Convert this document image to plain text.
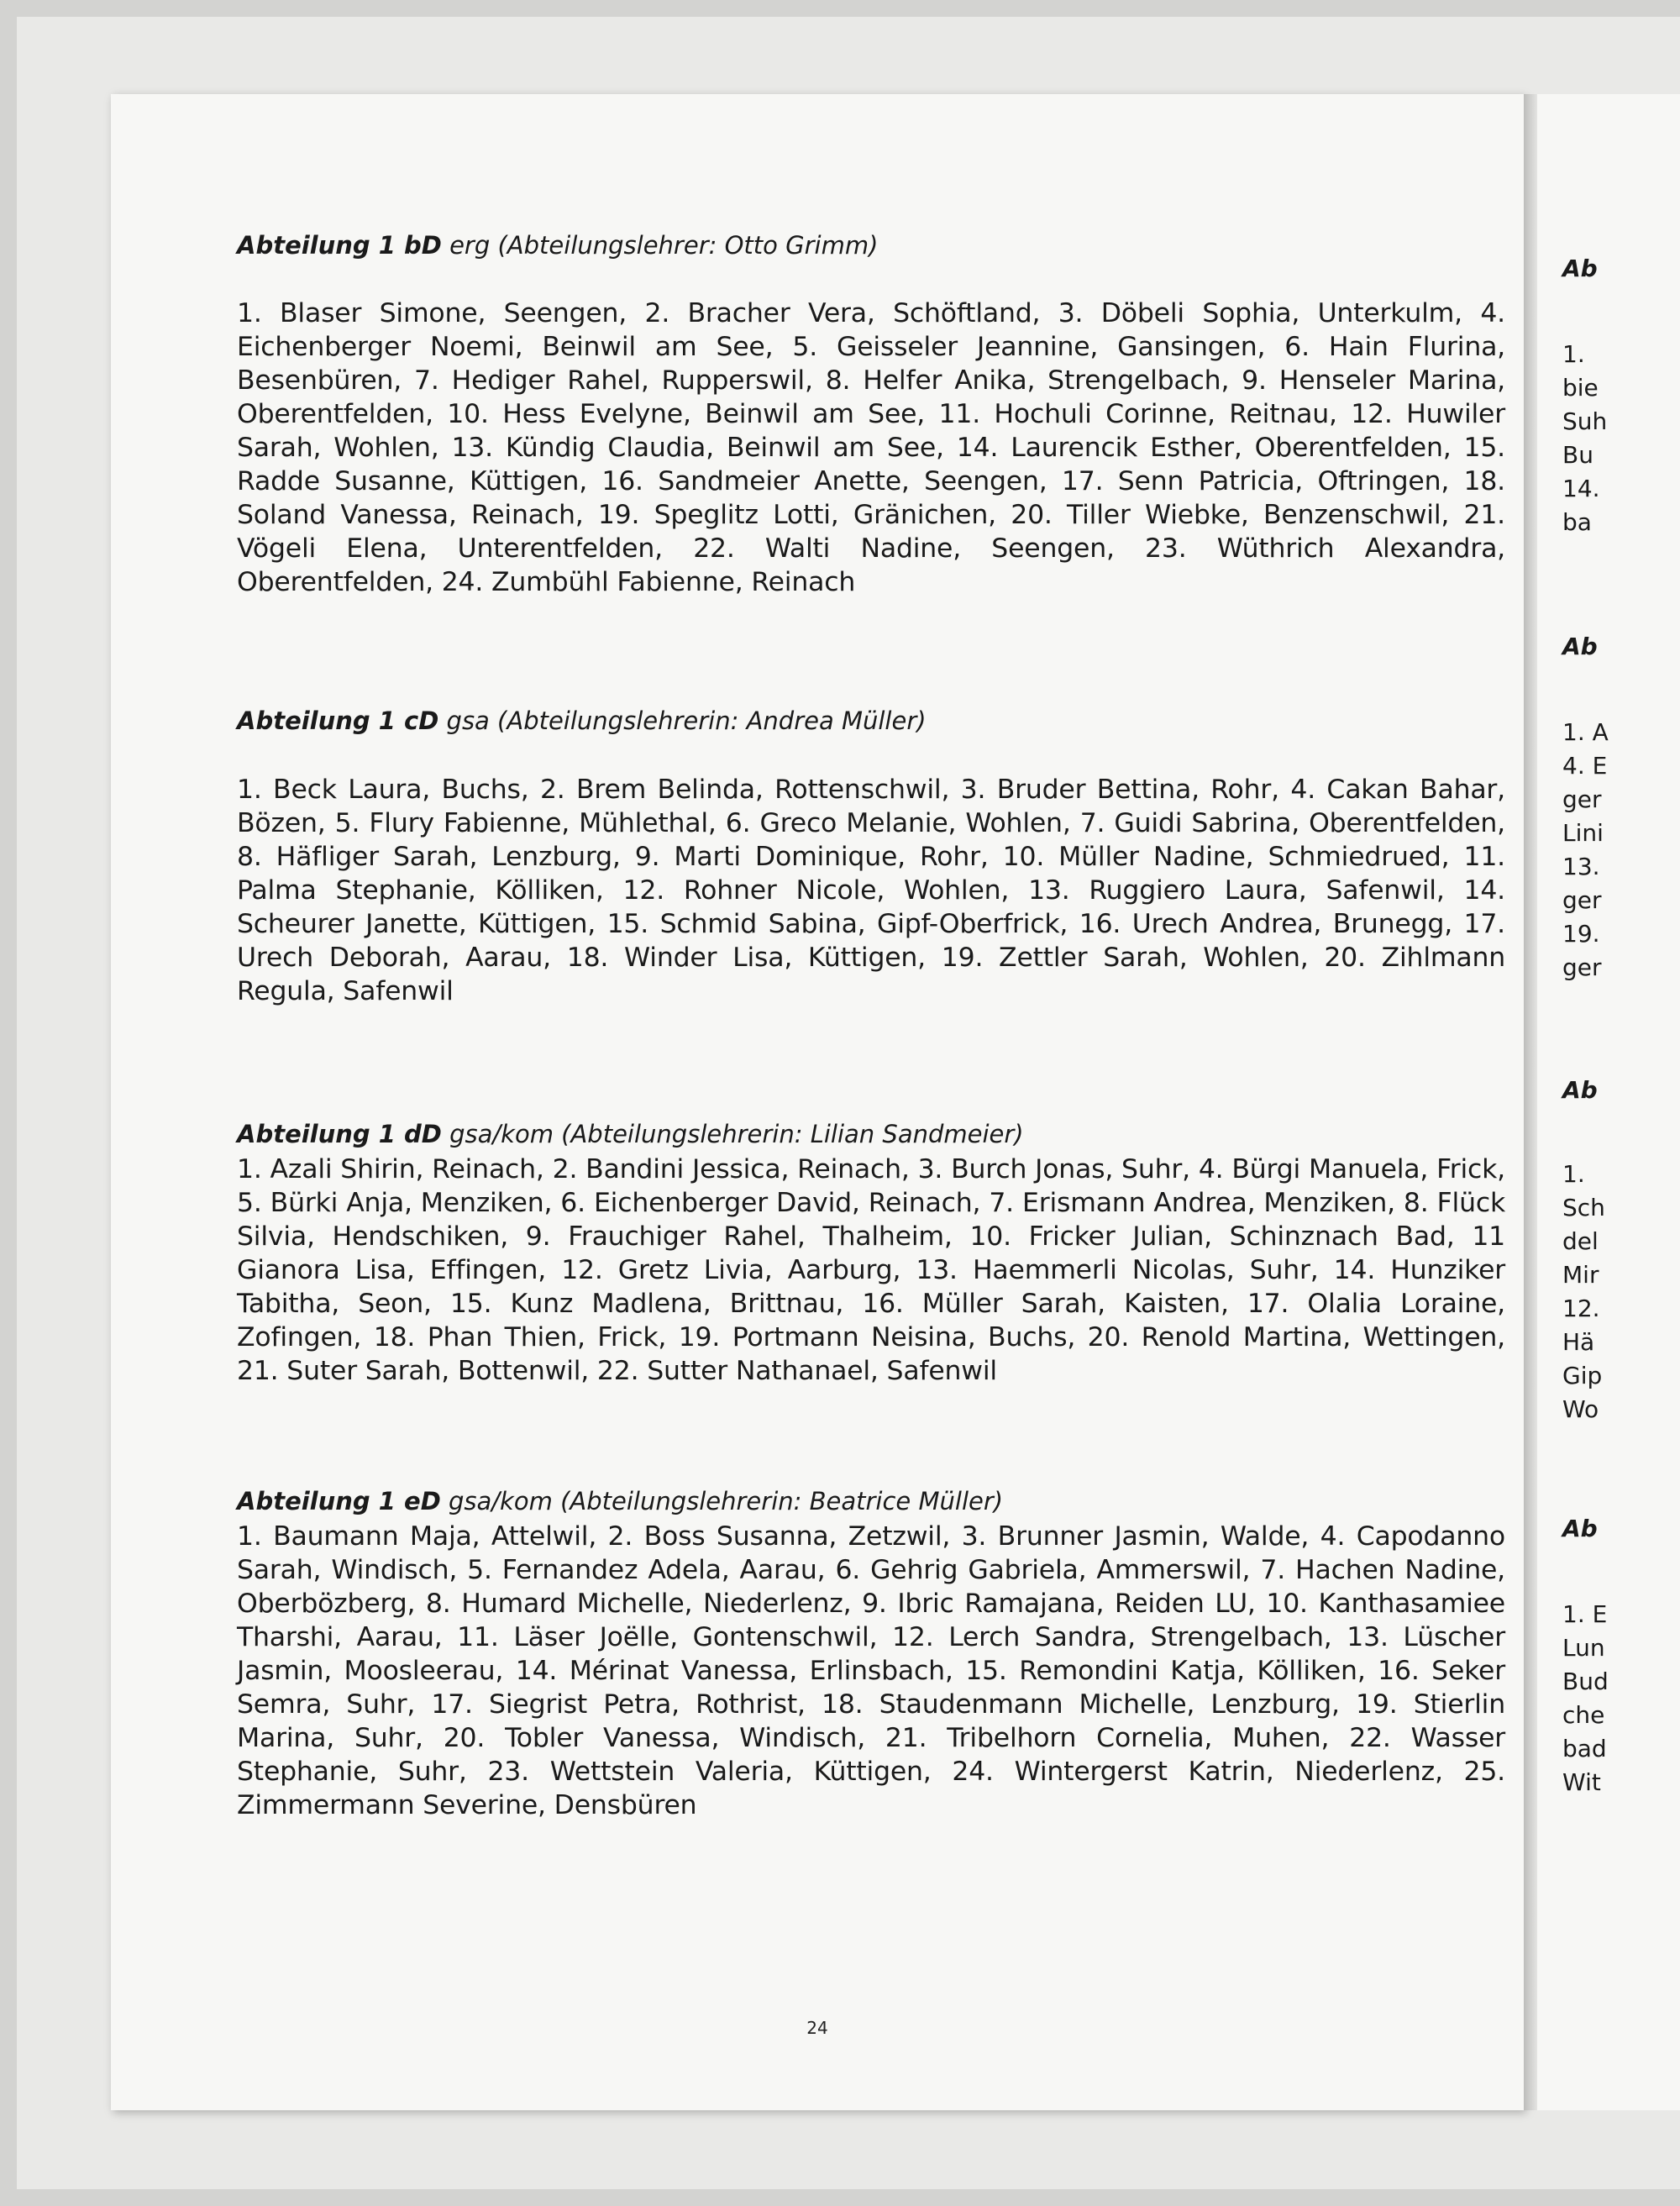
Abteilung 1 bD erg (Abteilungslehrer: Otto Grimm)
1. Blaser Simone, Seengen, 2. Bracher Vera, Schöftland, 3. Döbeli Sophia, Unterkulm, 4. Eichenberger Noemi, Beinwil am See, 5. Geisseler Jeannine, Gansingen, 6. Hain Flurina, Besenbüren, 7. Hediger Rahel, Rupperswil, 8. Helfer Anika, Strengelbach, 9. Henseler Marina, Oberentfelden, 10. Hess Evelyne, Beinwil am See, 11. Hochuli Corinne, Reitnau, 12. Huwiler Sarah, Wohlen, 13. Kündig Claudia, Beinwil am See, 14. Laurencik Esther, Oberentfelden, 15. Radde Susanne, Küttigen, 16. Sandmeier Anette, Seengen, 17. Senn Patricia, Oftringen, 18. Soland Vanessa, Reinach, 19. Speglitz Lotti, Gränichen, 20. Tiller Wiebke, Benzenschwil, 21. Vögeli Elena, Unterentfelden, 22. Walti Nadine, Seengen, 23. Wüthrich Alexandra, Oberentfelden, 24. Zumbühl Fabienne, Reinach
Abteilung 1 cD gsa (Abteilungslehrerin: Andrea Müller)
1. Beck Laura, Buchs, 2. Brem Belinda, Rottenschwil, 3. Bruder Bettina, Rohr, 4. Cakan Bahar, Bözen, 5. Flury Fabienne, Mühlethal, 6. Greco Melanie, Wohlen, 7. Guidi Sabrina, Oberentfelden, 8. Häfliger Sarah, Lenzburg, 9. Marti Dominique, Rohr, 10. Müller Nadine, Schmiedrued, 11. Palma Stephanie, Kölliken, 12. Rohner Nicole, Wohlen, 13. Ruggiero Laura, Safenwil, 14. Scheurer Janette, Küttigen, 15. Schmid Sabina, Gipf-Oberfrick, 16. Urech Andrea, Brunegg, 17. Urech Deborah, Aarau, 18. Winder Lisa, Küttigen, 19. Zettler Sarah, Wohlen, 20. Zihlmann Regula, Safenwil
Abteilung 1 dD gsa/kom (Abteilungslehrerin: Lilian Sandmeier)
1. Azali Shirin, Reinach, 2. Bandini Jessica, Reinach, 3. Burch Jonas, Suhr, 4. Bürgi Manuela, Frick, 5. Bürki Anja, Menziken, 6. Eichenberger David, Reinach, 7. Erismann Andrea, Menziken, 8. Flück Silvia, Hendschiken, 9. Frauchiger Rahel, Thalheim, 10. Fricker Julian, Schinznach Bad, 11 Gianora Lisa, Effingen, 12. Gretz Livia, Aarburg, 13. Haemmerli Nicolas, Suhr, 14. Hunziker Tabitha, Seon, 15. Kunz Madlena, Brittnau, 16. Müller Sarah, Kaisten, 17. Olalia Loraine, Zofingen, 18. Phan Thien, Frick, 19. Portmann Neisina, Buchs, 20. Renold Martina, Wettingen, 21. Suter Sarah, Bottenwil, 22. Sutter Nathanael, Safenwil
Abteilung 1 eD gsa/kom (Abteilungslehrerin: Beatrice Müller)
1. Baumann Maja, Attelwil, 2. Boss Susanna, Zetzwil, 3. Brunner Jasmin, Walde, 4. Capodanno Sarah, Windisch, 5. Fernandez Adela, Aarau, 6. Gehrig Gabriela, Ammerswil, 7. Hachen Nadine, Oberbözberg, 8. Humard Michelle, Niederlenz, 9. Ibric Ramajana, Reiden LU, 10. Kanthasamiee Tharshi, Aarau, 11. Läser Joëlle, Gontenschwil, 12. Lerch Sandra, Strengelbach, 13. Lüscher Jasmin, Moosleerau, 14. Mérinat Vanessa, Erlinsbach, 15. Remondini Katja, Kölliken, 16. Seker Semra, Suhr, 17. Siegrist Petra, Rothrist, 18. Staudenmann Michelle, Lenzburg, 19. Stierlin Marina, Suhr, 20. Tobler Vanessa, Windisch, 21. Tribelhorn Cornelia, Muhen, 22. Wasser Stephanie, Suhr, 23. Wettstein Valeria, Küttigen, 24. Wintergerst Katrin, Niederlenz, 25. Zimmermann Severine, Densbüren
24
Ab
1.
bie
Suh
Bu
14.
ba
Ab
1. A
4. E
ger
Lini
13.
ger
19.
ger
Ab
1.
Sch
del
Mir
12.
Hä
Gip
Wo
Ab
1. E
Lun
Bud
che
bad
Wit
